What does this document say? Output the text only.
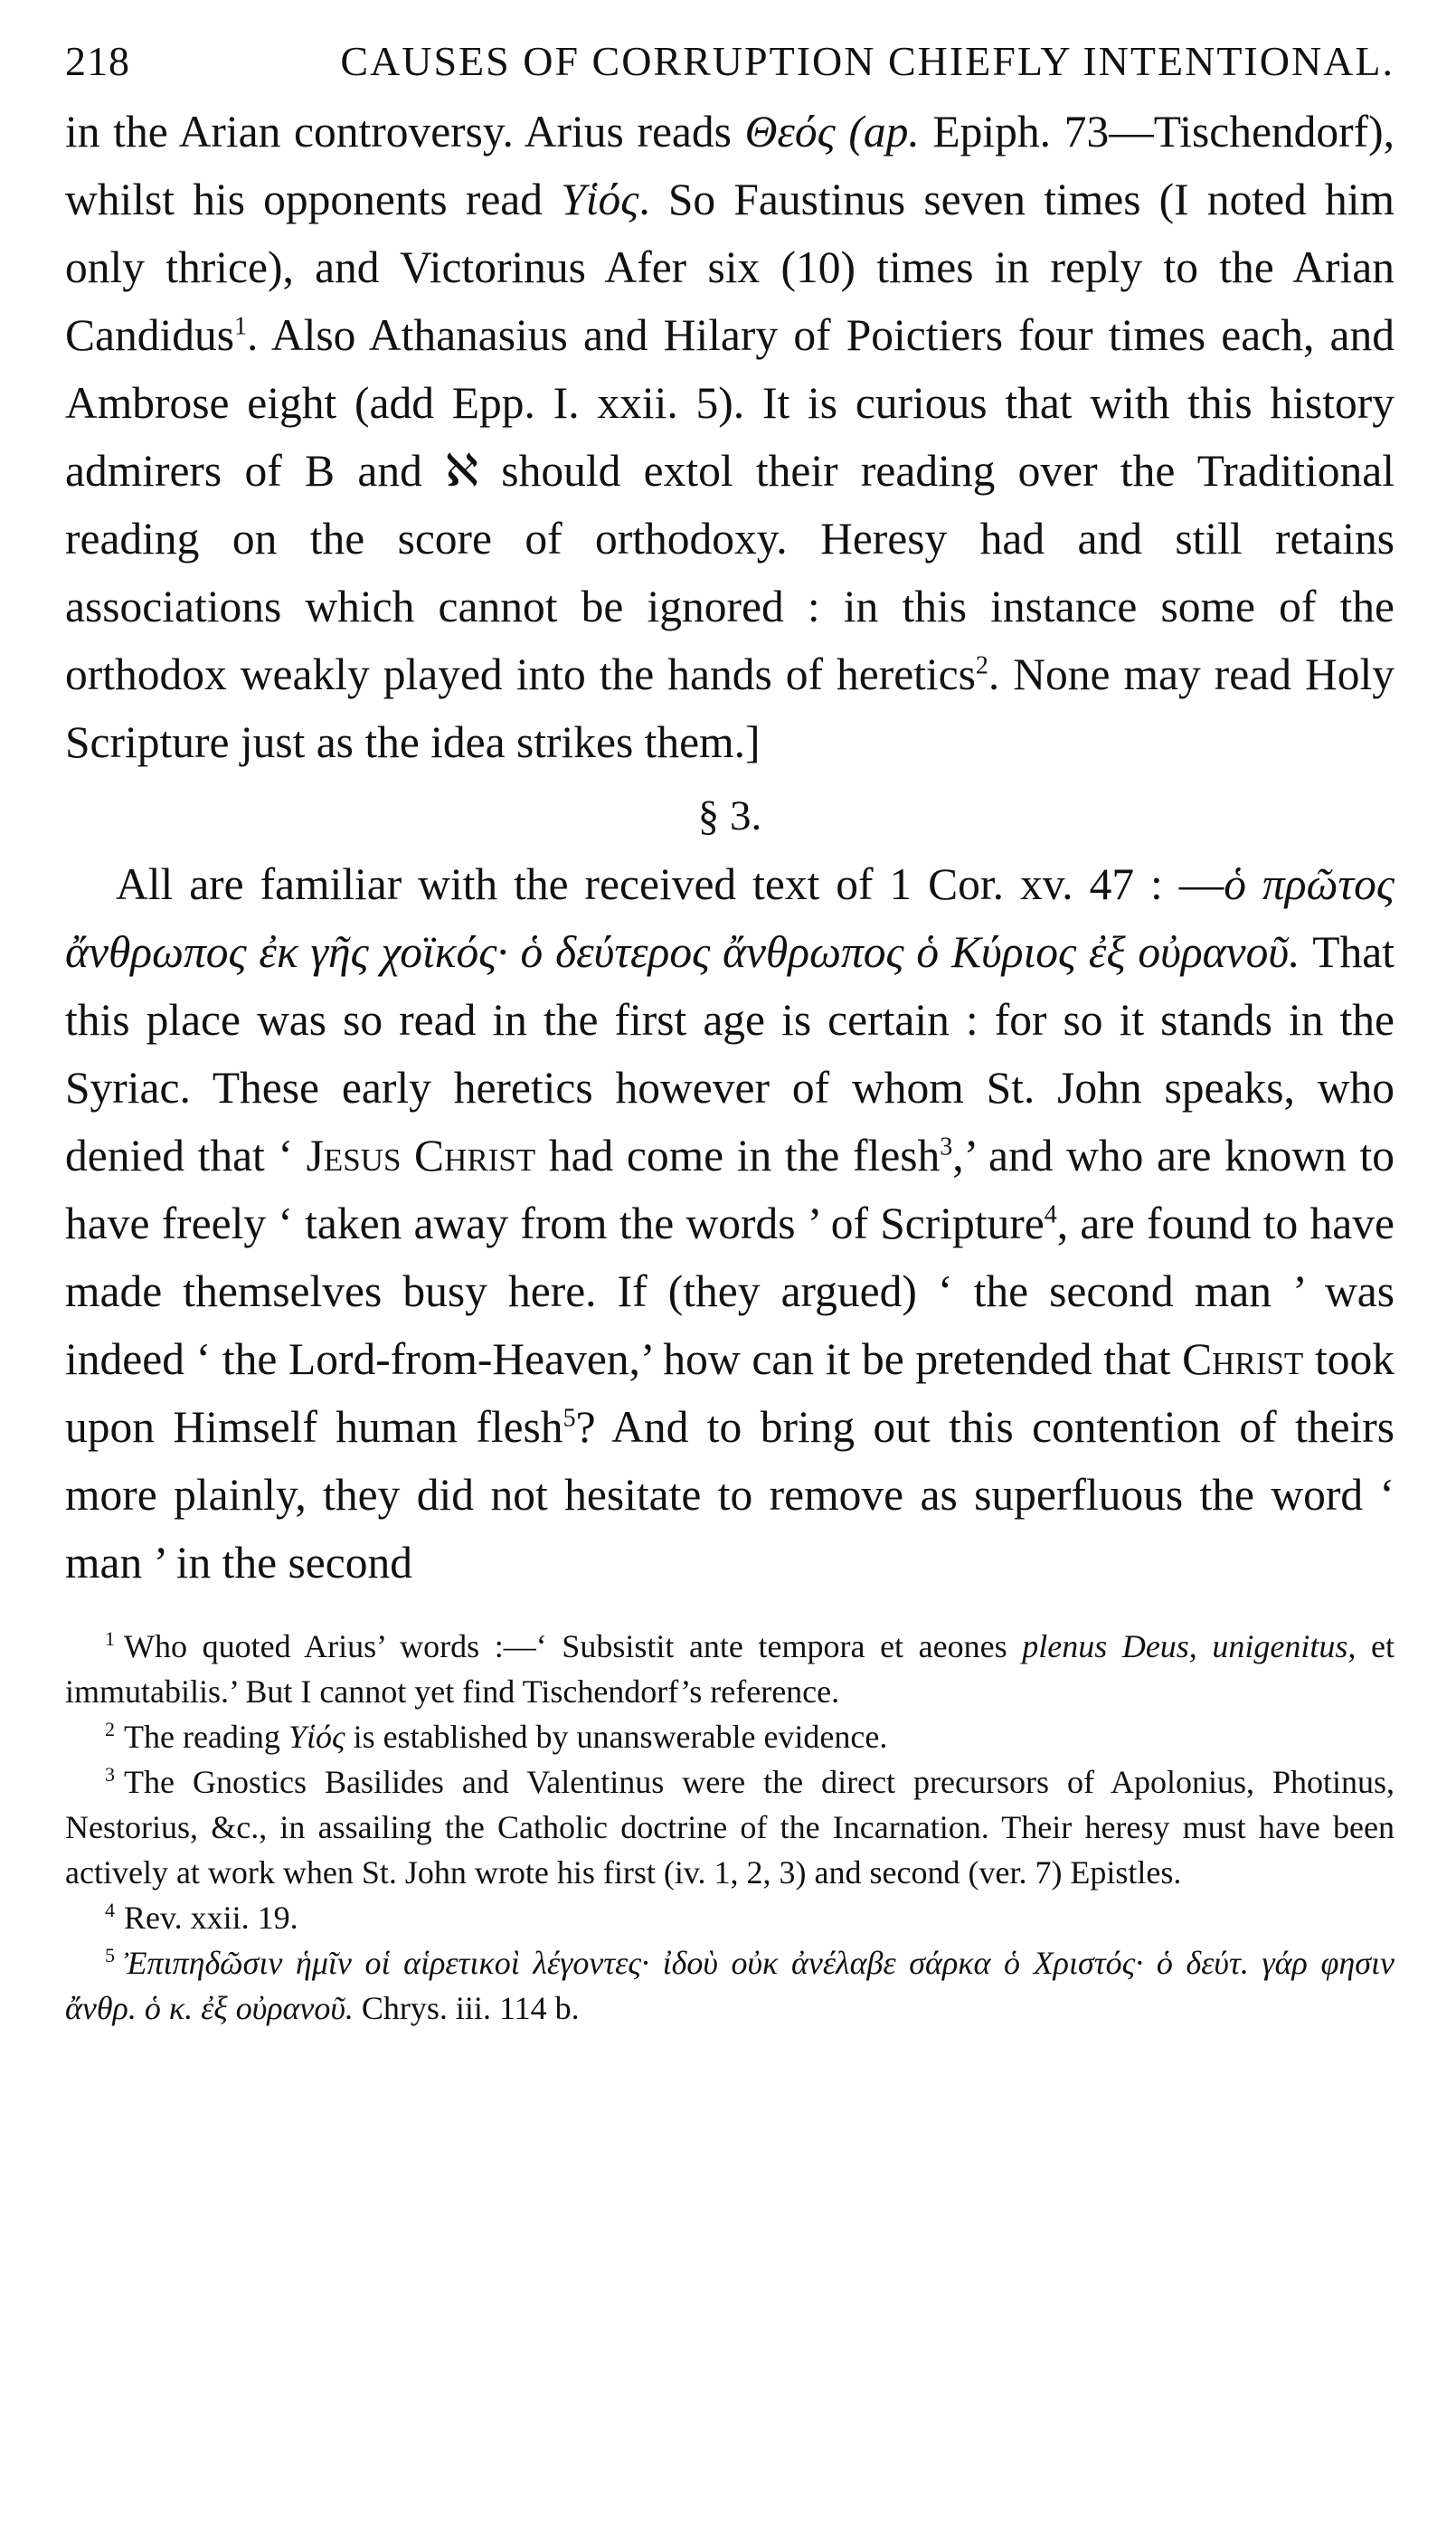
218	CAUSES OF CORRUPTION CHIEFLY INTENTIONAL.

in the Arian controversy. Arius reads Θεός (ap. Epiph. 73—Tischendorf), whilst his opponents read Υἱός. So Faustinus seven times (I noted him only thrice), and Victorinus Afer six (10) times in reply to the Arian Candidus$^1$. Also Athanasius and Hilary of Poictiers four times each, and Ambrose eight (add Epp. I. xxii. 5). It is curious that with this history admirers of B and ℵ should extol their reading over the Traditional reading on the score of orthodoxy. Heresy had and still retains associations which cannot be ignored : in this instance some of the orthodox weakly played into the hands of heretics$^2$. None may read Holy Scripture just as the idea strikes them.]

§ 3.

All are familiar with the received text of 1 Cor. xv. 47 : —ὁ πρῶτος ἄνθρωπος ἐκ γῆς χοϊκός· ὁ δεύτερος ἄνθρωπος ὁ Κύριος ἐξ οὐρανοῦ. That this place was so read in the first age is certain : for so it stands in the Syriac. These early heretics however of whom St. John speaks, who denied that ‘ Jesus Christ had come in the flesh$^3$,’ and who are known to have freely ‘ taken away from the words ’ of Scripture$^4$, are found to have made themselves busy here. If (they argued) ‘ the second man ’ was indeed ‘ the Lord-from-Heaven,’ how can it be pretended that Christ took upon Himself human flesh$^5$? And to bring out this contention of theirs more plainly, they did not hesitate to remove as superfluous the word ‘ man ’ in the second

$^1$ Who quoted Arius’ words :—‘ Subsistit ante tempora et aeones plenus Deus, unigenitus, et immutabilis.’ But I cannot yet find Tischendorf’s reference.

$^2$ The reading Υἱός is established by unanswerable evidence.

$^3$ The Gnostics Basilides and Valentinus were the direct precursors of Apolonius, Photinus, Nestorius, &c., in assailing the Catholic doctrine of the Incarnation. Their heresy must have been actively at work when St. John wrote his first (iv. 1, 2, 3) and second (ver. 7) Epistles.

$^4$ Rev. xxii. 19.

$^5$ Ἐπιπηδῶσιν ἡμῖν οἱ αἱρετικοὶ λέγοντες· ἰδοὺ οὐκ ἀνέλαβε σάρκα ὁ Χριστός· ὁ δεύτ. γάρ φησιν ἄνθρ. ὁ κ. ἐξ οὐρανοῦ. Chrys. iii. 114 b.
